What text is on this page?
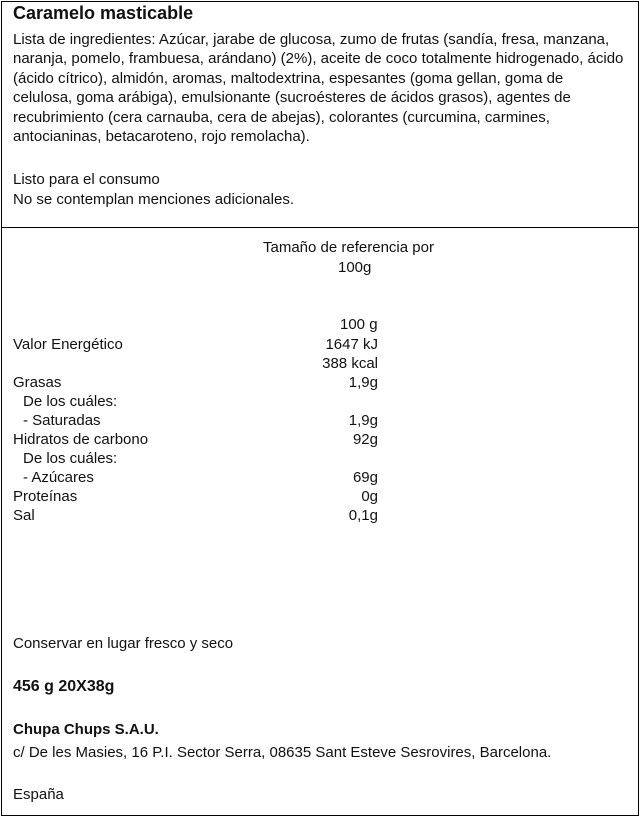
Caramelo masticable
Lista de ingredientes: Azúcar, jarabe de glucosa, zumo de frutas (sandía, fresa, manzana, naranja, pomelo, frambuesa, arándano) (2%), aceite de coco totalmente hidrogenado, ácido (ácido cítrico), almidón, aromas, maltodextrina, espesantes (goma gellan, goma de celulosa, goma arábiga), emulsionante (sucroésteres de ácidos grasos), agentes de recubrimiento (cera carnauba, cera de abejas), colorantes (curcumina, carmines, antocianinas, betacaroteno, rojo remolacha).
Listo para el consumo
No se contemplan menciones adicionales.
Tamaño de referencia por
100g
100 g
Valor Energético	1647 kJ
388 kcal
Grasas	1,9g
De los cuáles:
- Saturadas	1,9g
Hidratos de carbono	92g
De los cuáles:
- Azúcares	69g
Proteínas	0g
Sal	0,1g
Conservar en lugar fresco y seco
456 g 20X38g
Chupa Chups S.A.U.
c/ De les Masies, 16 P.I. Sector Serra, 08635 Sant Esteve Sesrovires, Barcelona.
España
